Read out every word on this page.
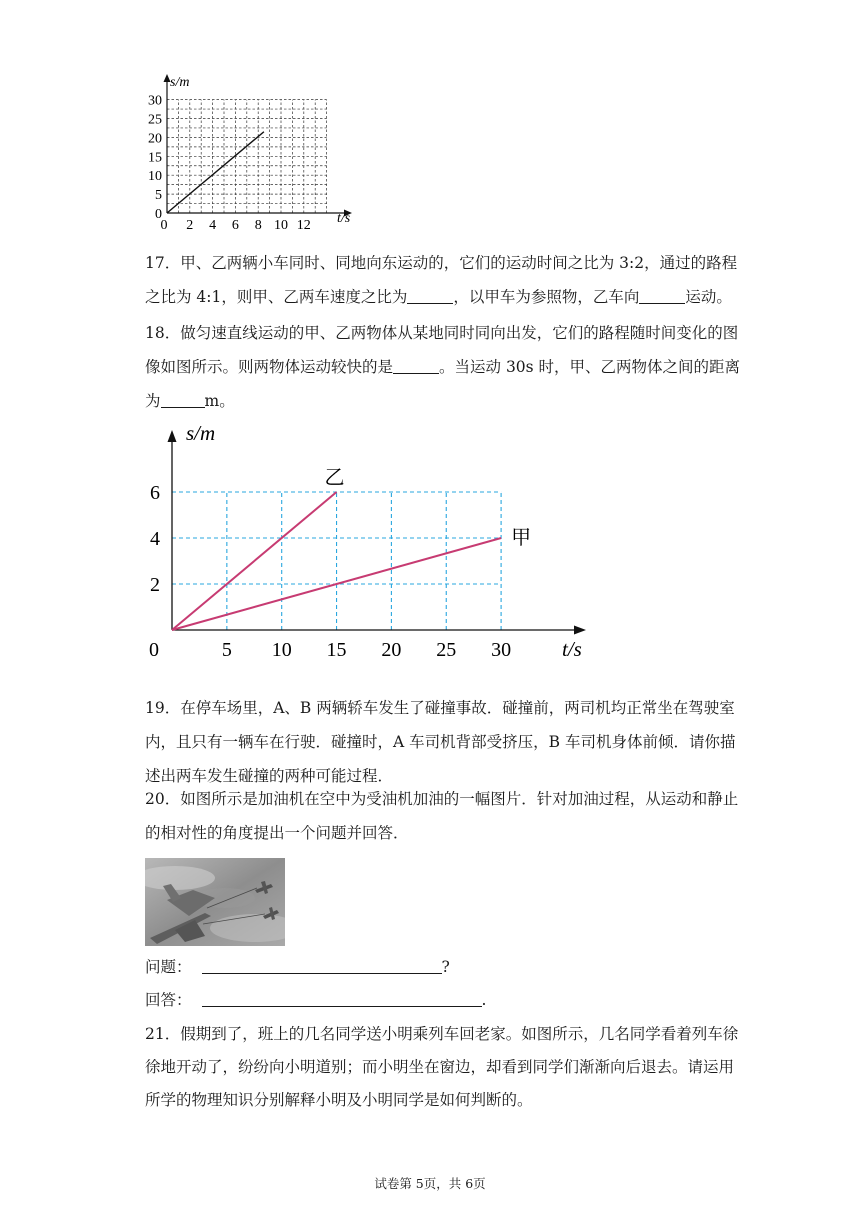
0 2 4 6 8 10 12
0
5
10
15
20
25
30
s/m
t/s
17．甲、乙两辆小车同时、同地向东运动的，它们的运动时间之比为 3:2，通过的路程
之比为 4:1，则甲、乙两车速度之比为	，以甲车为参照物，乙车向	运动。
18．做匀速直线运动的甲、乙两物体从某地同时同向出发，它们的路程随时间变化的图
像如图所示。则两物体运动较快的是	。当运动 30s 时，甲、乙两物体之间的距离
为	m。
0	5 10 15 20 25 30
2
4
6
乙
甲
s/m
t/s
19．在停车场里，A、B 两辆轿车发生了碰撞事故．碰撞前，两司机均正常坐在驾驶室
内，且只有一辆车在行驶．碰撞时，A 车司机背部受挤压，B 车司机身体前倾．请你描
述出两车发生碰撞的两种可能过程．
20．如图所示是加油机在空中为受油机加油的一幅图片．针对加油过程，从运动和静止
的相对性的角度提出一个问题并回答．
问题：	?
回答：	.
21．假期到了，班上的几名同学送小明乘列车回老家。如图所示，几名同学看着列车徐
徐地开动了，纷纷向小明道别；而小明坐在窗边，却看到同学们渐渐向后退去。请运用
所学的物理知识分别解释小明及小明同学是如何判断的。
试卷第 5页，共 6页
